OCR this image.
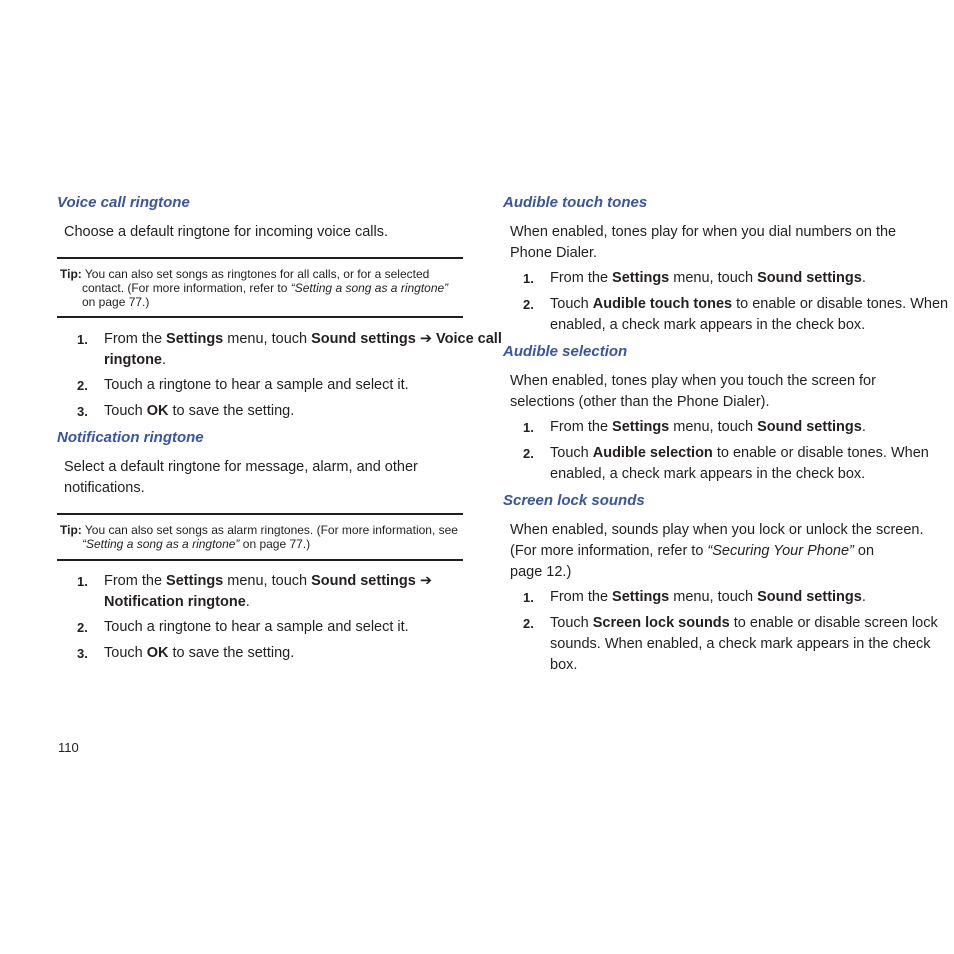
Voice call ringtone

Choose a default ringtone for incoming voice calls.

Tip: You can also set songs as ringtones for all calls, or for a selected

contact. (For more information, refer to “Setting a song as a ringtone”

on page 77.)

1. From the Settings menu, touch Sound settings ➔ Voice call

ringtone.

2. Touch a ringtone to hear a sample and select it.

3. Touch OK to save the setting.

Notification ringtone

Select a default ringtone for message, alarm, and other

notifications.

Tip: You can also set songs as alarm ringtones. (For more information, see

“Setting a song as a ringtone” on page 77.)

1. From the Settings menu, touch Sound settings ➔

Notification ringtone.

2. Touch a ringtone to hear a sample and select it.

3. Touch OK to save the setting.

Audible touch tones

When enabled, tones play for when you dial numbers on the

Phone Dialer.

1. From the Settings menu, touch Sound settings.

2. Touch Audible touch tones to enable or disable tones. When

enabled, a check mark appears in the check box.

Audible selection

When enabled, tones play when you touch the screen for

selections (other than the Phone Dialer).

1. From the Settings menu, touch Sound settings.

2. Touch Audible selection to enable or disable tones. When

enabled, a check mark appears in the check box.

Screen lock sounds

When enabled, sounds play when you lock or unlock the screen.

(For more information, refer to “Securing Your Phone” on

page 12.)

1. From the Settings menu, touch Sound settings.

2. Touch Screen lock sounds to enable or disable screen lock

sounds. When enabled, a check mark appears in the check

box.

110
